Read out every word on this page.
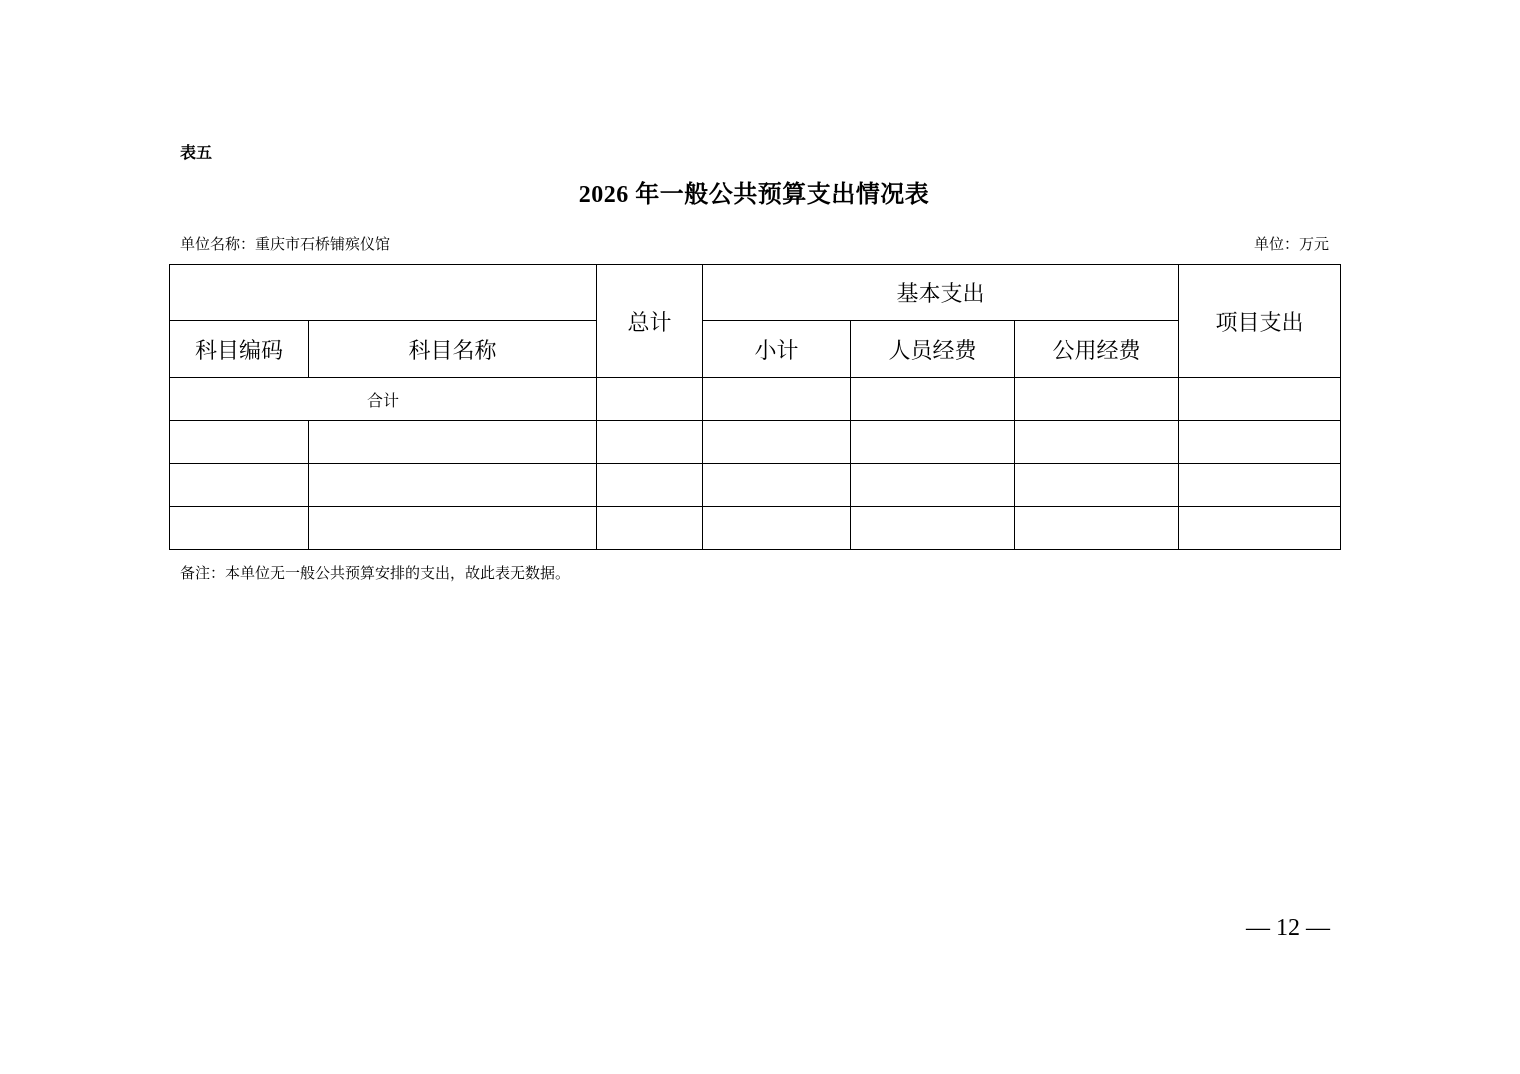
表五
2026 年一般公共预算支出情况表
单位名称：重庆市石桥铺殡仪馆	单位：万元
		总计	基本支出			项目支出
科目编码	科目名称		小计	人员经费	公用经费	
合计						

备注：本单位无一般公共预算安排的支出，故此表无数据。
— 12 —
